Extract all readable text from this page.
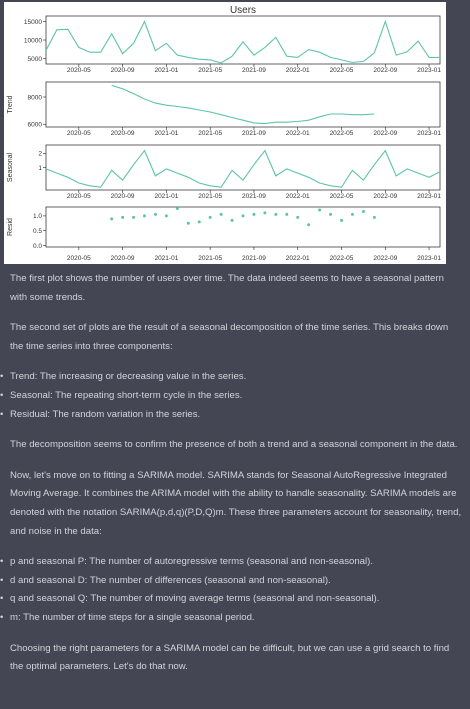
Users
5000
10000
15000
2020-05	2020-09	2021-01	2021-05	2021-09	2022-01	2022-05	2022-09	2023-01
Trend
6000
8000
2020-05	2020-09	2021-01	2021-05	2021-09	2022-01	2022-05	2022-09	2023-01
Seasonal	1
2
2020-05	2020-09	2021-01	2021-05	2021-09	2022-01	2022-05	2022-09	2023-01
Resid
0.0
0.5
1.0
2020-05	2020-09	2021-01	2021-05	2021-09	2022-01	2022-05	2022-09	2023-01

The first plot shows the number of users over time. The data indeed seems to have a seasonal pattern with some trends.

The second set of plots are the result of a seasonal decomposition of the time series. This breaks down the time series into three components:

• Trend: The increasing or decreasing value in the series.
• Seasonal: The repeating short-term cycle in the series.
• Residual: The random variation in the series.

The decomposition seems to confirm the presence of both a trend and a seasonal component in the data.

Now, let's move on to fitting a SARIMA model. SARIMA stands for Seasonal AutoRegressive Integrated Moving Average. It combines the ARIMA model with the ability to handle seasonality. SARIMA models are denoted with the notation SARIMA(p,d,q)(P,D,Q)m. These three parameters account for seasonality, trend, and noise in the data:

• p and seasonal P: The number of autoregressive terms (seasonal and non-seasonal).
• d and seasonal D: The number of differences (seasonal and non-seasonal).
• q and seasonal Q: The number of moving average terms (seasonal and non-seasonal).
• m: The number of time steps for a single seasonal period.

Choosing the right parameters for a SARIMA model can be difficult, but we can use a grid search to find the optimal parameters. Let's do that now.
